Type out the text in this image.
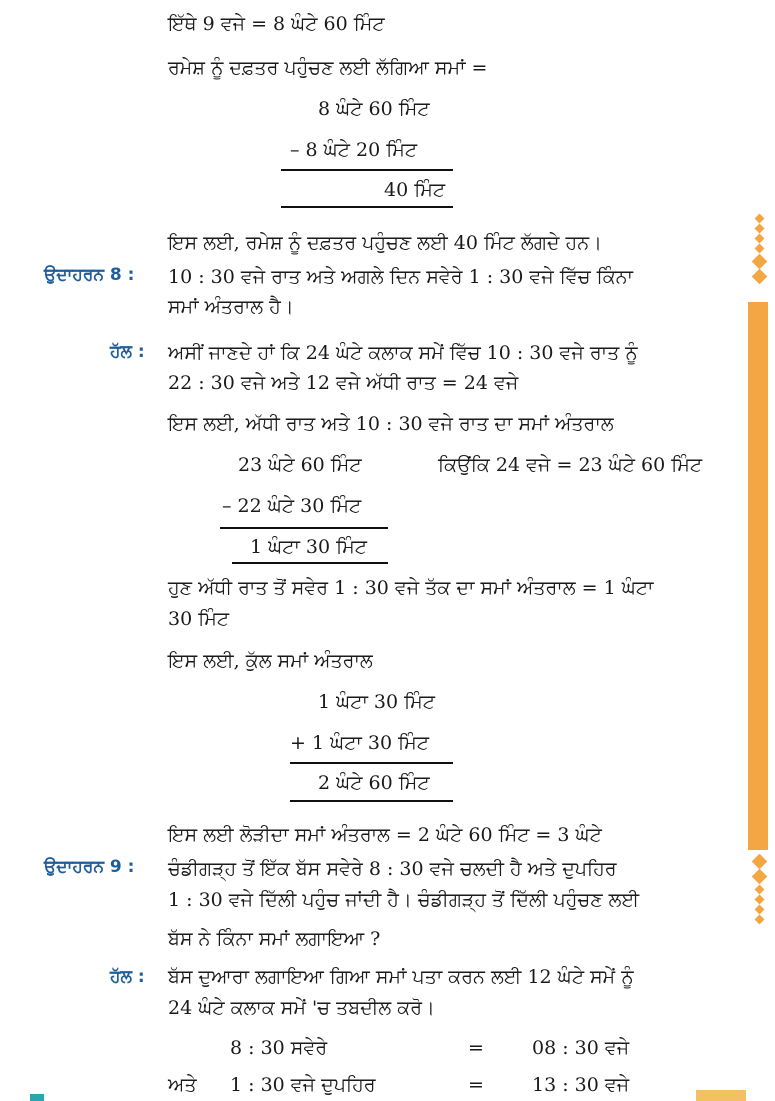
ਇੱਥੇ 9 ਵਜੇ = 8 ਘੰਟੇ 60 ਮਿੰਟ
ਰਮੇਸ਼ ਨੂੰ ਦਫ਼ਤਰ ਪਹੁੰਚਣ ਲਈ ਲੱਗਿਆ ਸਮਾਂ =
8 ਘੰਟੇ 60 ਮਿੰਟ
– 8 ਘੰਟੇ 20 ਮਿੰਟ
40 ਮਿੰਟ
ਇਸ ਲਈ, ਰਮੇਸ਼ ਨੂੰ ਦਫ਼ਤਰ ਪਹੁੰਚਣ ਲਈ 40 ਮਿੰਟ ਲੱਗਦੇ ਹਨ।
ਉਦਾਹਰਨ 8 : 10 : 30 ਵਜੇ ਰਾਤ ਅਤੇ ਅਗਲੇ ਦਿਨ ਸਵੇਰੇ 1 : 30 ਵਜੇ ਵਿੱਚ ਕਿੰਨਾ
ਸਮਾਂ ਅੰਤਰਾਲ ਹੈ।
ਹੱਲ : ਅਸੀਂ ਜਾਣਦੇ ਹਾਂ ਕਿ 24 ਘੰਟੇ ਕਲਾਕ ਸਮੇਂ ਵਿੱਚ 10 : 30 ਵਜੇ ਰਾਤ ਨੂੰ
22 : 30 ਵਜੇ ਅਤੇ 12 ਵਜੇ ਅੱਧੀ ਰਾਤ = 24 ਵਜੇ
ਇਸ ਲਈ, ਅੱਧੀ ਰਾਤ ਅਤੇ 10 : 30 ਵਜੇ ਰਾਤ ਦਾ ਸਮਾਂ ਅੰਤਰਾਲ
23 ਘੰਟੇ 60 ਮਿੰਟ	ਕਿਉਂਕਿ 24 ਵਜੇ = 23 ਘੰਟੇ 60 ਮਿੰਟ
– 22 ਘੰਟੇ 30 ਮਿੰਟ
1 ਘੰਟਾ 30 ਮਿੰਟ
ਹੁਣ ਅੱਧੀ ਰਾਤ ਤੋਂ ਸਵੇਰ 1 : 30 ਵਜੇ ਤੱਕ ਦਾ ਸਮਾਂ ਅੰਤਰਾਲ = 1 ਘੰਟਾ
30 ਮਿੰਟ
ਇਸ ਲਈ, ਕੁੱਲ ਸਮਾਂ ਅੰਤਰਾਲ
1 ਘੰਟਾ 30 ਮਿੰਟ
+ 1 ਘੰਟਾ 30 ਮਿੰਟ
2 ਘੰਟੇ 60 ਮਿੰਟ
ਇਸ ਲਈ ਲੋੜੀਦਾ ਸਮਾਂ ਅੰਤਰਾਲ = 2 ਘੰਟੇ 60 ਮਿੰਟ = 3 ਘੰਟੇ
ਉਦਾਹਰਨ 9 : ਚੰਡੀਗੜ੍ਹ ਤੋਂ ਇੱਕ ਬੱਸ ਸਵੇਰੇ 8 : 30 ਵਜੇ ਚਲਦੀ ਹੈ ਅਤੇ ਦੁਪਹਿਰ
1 : 30 ਵਜੇ ਦਿੱਲੀ ਪਹੁੰਚ ਜਾਂਦੀ ਹੈ। ਚੰਡੀਗੜ੍ਹ ਤੋਂ ਦਿੱਲੀ ਪਹੁੰਚਣ ਲਈ
ਬੱਸ ਨੇ ਕਿੰਨਾ ਸਮਾਂ ਲਗਾਇਆ ?
ਹੱਲ : ਬੱਸ ਦੁਆਰਾ ਲਗਾਇਆ ਗਿਆ ਸਮਾਂ ਪਤਾ ਕਰਨ ਲਈ 12 ਘੰਟੇ ਸਮੇਂ ਨੂੰ
24 ਘੰਟੇ ਕਲਾਕ ਸਮੇਂ 'ਚ ਤਬਦੀਲ ਕਰੋ।
8 : 30 ਸਵੇਰੇ	=	08 : 30 ਵਜੇ
ਅਤੇ 1 : 30 ਵਜੇ ਦੁਪਹਿਰ	=	13 : 30 ਵਜੇ
